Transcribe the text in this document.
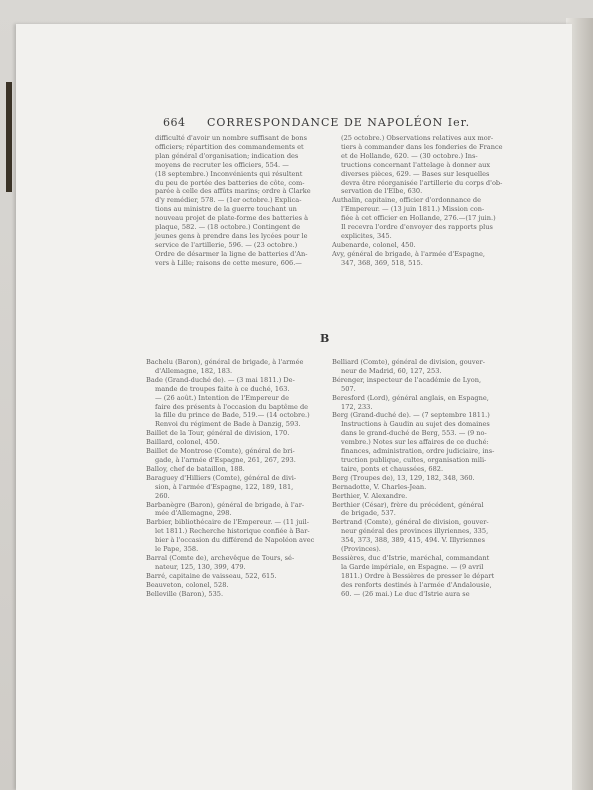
664 CORRESPONDANCE DE NAPOLÉON Ier.
difficulté d'avoir un nombre suffisant de bons
officiers; répartition des commandements et
plan général d'organisation; indication des
moyens de recruter les officiers, 554. —
(18 septembre.) Inconvénients qui résultent
du peu de portée des batteries de côte, com-
parée à celle des affûts marins; ordre à Clarke
d'y remédier, 578. — (1er octobre.) Explica-
tions au ministre de la guerre touchant un
nouveau projet de plate-forme des batteries à
plaque, 582. — (18 octobre.) Contingent de
jeunes gens à prendre dans les lycées pour le
service de l'artillerie, 596. — (23 octobre.)
Ordre de désarmer la ligne de batteries d'An-
vers à Lille; raisons de cette mesure, 606.—
(25 octobre.) Observations relatives aux mor-
tiers à commander dans les fonderies de France
et de Hollande, 620. — (30 octobre.) Ins-
tructions concernant l'attelage à donner aux
diverses pièces, 629. — Bases sur lesquelles
devra être réorganisée l'artillerie du corps d'ob-
servation de l'Elbe, 630.
Authalin, capitaine, officier d'ordonnance de
l'Empereur. — (13 juin 1811.) Mission con-
fiée à cet officier en Hollande, 276.—(17 juin.)
Il recevra l'ordre d'envoyer des rapports plus
explicites, 345.
Aubenarde, colonel, 450.
Avy, général de brigade, à l'armée d'Espagne,
347, 368, 369, 518, 515.
B
Bachelu (Baron), général de brigade, à l'armée
d'Allemagne, 182, 183.
Bade (Grand-duché de). — (3 mai 1811.) De-
mande de troupes faite à ce duché, 163.
— (26 août.) Intention de l'Empereur de
faire des présents à l'occasion du baptême de
la fille du prince de Bade, 519.— (14 octobre.)
Renvoi du régiment de Bade à Danzig, 593.
Baillet de la Tour, général de division, 170.
Baillard, colonel, 450.
Baillet de Montrose (Comte), général de bri-
gade, à l'armée d'Espagne, 261, 267, 293.
Balloy, chef de bataillon, 188.
Baraguey d'Hilliers (Comte), général de divi-
sion, à l'armée d'Espagne, 122, 189, 181,
260.
Barbanègre (Baron), général de brigade, à l'ar-
mée d'Allemagne, 298.
Barbier, bibliothécaire de l'Empereur. — (11 juil-
let 1811.) Recherche historique confiée à Bar-
bier à l'occasion du différend de Napoléon avec
le Pape, 358.
Barral (Comte de), archevêque de Tours, sé-
nateur, 125, 130, 399, 479.
Barré, capitaine de vaisseau, 522, 615.
Beauveton, colonel, 528.
Belleville (Baron), 535.
Belliard (Comte), général de division, gouver-
neur de Madrid, 60, 127, 253.
Bérenger, inspecteur de l'académie de Lyon,
507.
Beresford (Lord), général anglais, en Espagne,
172, 233.
Berg (Grand-duché de). — (7 septembre 1811.)
Instructions à Gaudin au sujet des domaines
dans le grand-duché de Berg, 553. — (9 no-
vembre.) Notes sur les affaires de ce duché:
finances, administration, ordre judiciaire, ins-
truction publique, cultes, organisation mili-
taire, ponts et chaussées, 682.
Berg (Troupes de), 13, 129, 182, 348, 360.
Bernadotte, V. Charles-Jean.
Berthier, V. Alexandre.
Berthier (César), frère du précédent, général
de brigade, 537.
Bertrand (Comte), général de division, gouver-
neur général des provinces illyriennes, 335,
354, 373, 388, 389, 415, 494. V. Illyriennes
(Provinces).
Bessières, duc d'Istrie, maréchal, commandant
la Garde impériale, en Espagne. — (9 avril
1811.) Ordre à Bessières de presser le départ
des renforts destinés à l'armée d'Andalousie,
60. — (26 mai.) Le duc d'Istrie aura se
